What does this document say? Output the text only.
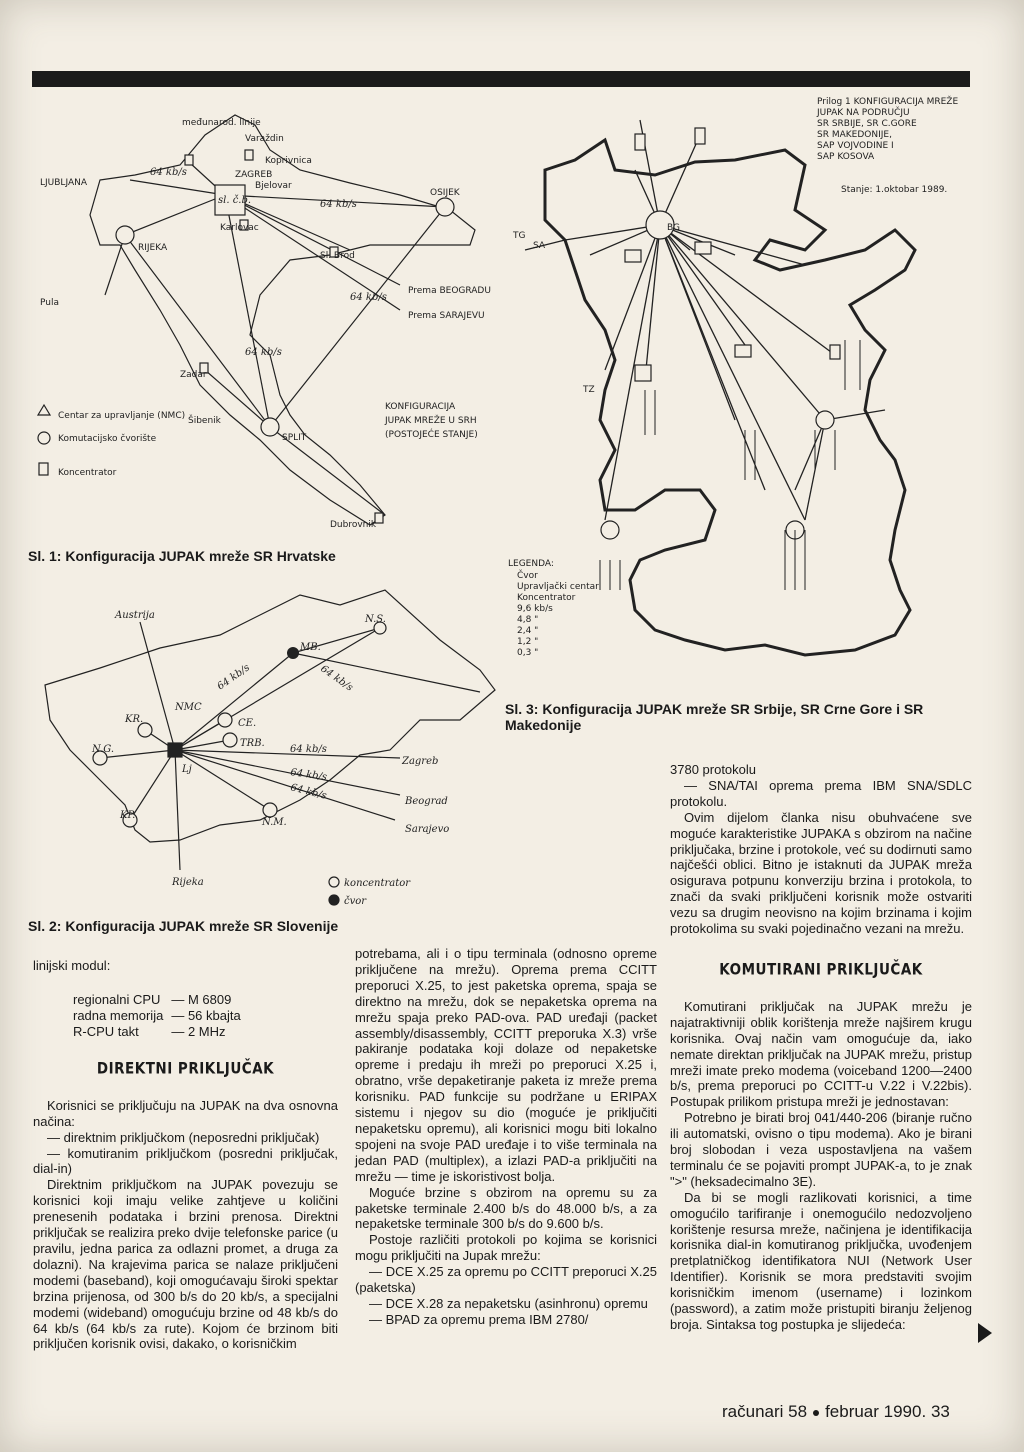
međunarod. linije
Varaždin
Koprivnica
LJUBLJANA
ZAGREB
Bjelovar
Karlovac
OSIJEK
RIJEKA
Sl. Brod
Prema BEOGRADU
Prema SARAJEVU
Pula
Zadar
Šibenik
SPLIT
Dubrovnik
sl. č.b.	64 kb/s
64 kb/s
64 kb/s
64 kb/s
Centar za upravljanje (NMC)
Komutacijsko čvorište
Koncentrator
KONFIGURACIJA
JUPAK MREŽE U SRH
(POSTOJEĆE STANJE)
Sl. 1: Konfiguracija JUPAK mreže SR Hrvatske
Austrija	N.S.
MB.
KR.
NMC
CE.
TRB.
N.G.
Lj
Zagreb
Beograd
Sarajevo
N.M.
KP.
Rijeka	koncentrator
čvor
64 kb/s	64 kb/s
64 kb/s
64 kb/s
64 kb/s
Sl. 2: Konfiguracija JUPAK mreže SR Slovenije
Prilog 1 KONFIGURACIJA MREŽE
JUPAK NA PODRUČJU
SR SRBIJE, SR C.GORE
SR MAKEDONIJE,
SAP VOJVODINE I
SAP KOSOVA
Stanje: 1.oktobar 1989.
TG
SA
TZ
BG
LEGENDA:
Čvor
Upravljački centar
Koncentrator
9,6 kb/s
4,8 "
2,4 "
1,2 "
0,3 "
Sl. 3: Konfiguracija JUPAK mreže SR Srbije, SR Crne Gore i SR Makedonije

linijski modul:

regionalni CPU	— M 6809
radna memorija	— 56 kbajta
R-CPU takt	— 2 MHz
DIREKTNI PRIKLJUČAK

Korisnici se priključuju na JUPAK na dva osnovna načina:

— direktnim priključkom (neposredni priključak)

— komutiranim priključkom (posredni priključak, dial-in)

Direktnim priključkom na JUPAK povezuju se korisnici koji imaju velike zahtjeve u količini prenesenih podataka i brzini prenosa. Direktni priključak se realizira preko dvije telefonske parice (u pravilu, jedna parica za odlazni promet, a druga za dolazni). Na krajevima parica se nalaze priključeni modemi (baseband), koji omogućavaju široki spektar brzina prijenosa, od 300 b/s do 20 kb/s, a specijalni modemi (wideband) omogućuju brzine od 48 kb/s do 64 kb/s (64 kb/s za rute). Kojom će brzinom biti priključen korisnik ovisi, dakako, o korisničkim

potrebama, ali i o tipu terminala (odnosno opreme priključene na mrežu). Oprema prema CCITT preporuci X.25, to jest paketska oprema, spaja se direktno na mrežu, dok se nepaketska oprema na mrežu spaja preko PAD-ova. PAD uređaji (packet assembly/disassembly, CCITT preporuka X.3) vrše pakiranje podataka koji dolaze od nepaketske opreme i predaju ih mreži po preporuci X.25 i, obratno, vrše depaketiranje paketa iz mreže prema korisniku. PAD funkcije su podržane u ERIPAX sistemu i njegov su dio (moguće je priključiti nepaketsku opremu), ali korisnici mogu biti lokalno spojeni na svoje PAD uređaje i to više terminala na jedan PAD (multiplex), a izlazi PAD-a priključiti na mrežu — time je iskoristivost bolja.

Moguće brzine s obzirom na opremu su za paketske terminale 2.400 b/s do 48.000 b/s, a za nepaketske terminale 300 b/s do 9.600 b/s.

Postoje različiti protokoli po kojima se korisnici mogu priključiti na Jupak mrežu:

— DCE X.25 za opremu po CCITT preporuci X.25 (paketska)

— DCE X.28 za nepaketsku (asinhronu) opremu

— BPAD za opremu prema IBM 2780/

3780 protokolu

— SNA/TAI oprema prema IBM SNA/SDLC protokolu.

Ovim dijelom članka nisu obuhvaćene sve moguće karakteristike JUPAKA s obzirom na načine priključaka, brzine i protokole, već su dodirnuti samo najčešći oblici. Bitno je istaknuti da JUPAK mreža osigurava potpunu konverziju brzina i protokola, to znači da svaki priključeni korisnik može ostvariti vezu sa drugim neovisno na kojim brzinama i kojim protokolima su svaki pojedinačno vezani na mrežu.

KOMUTIRANI PRIKLJUČAK

Komutirani priključak na JUPAK mrežu je najatraktivniji oblik korištenja mreže najširem krugu korisnika. Ovaj način vam omogućuje da, iako nemate direktan priključak na JUPAK mrežu, pristup mreži imate preko modema (voiceband 1200—2400 b/s, prema preporuci po CCITT-u V.22 i V.22bis). Postupak prilikom pristupa mreži je jednostavan:

Potrebno je birati broj 041/440-206 (biranje ručno ili automatski, ovisno o tipu modema). Ako je birani broj slobodan i veza uspostavljena na vašem terminalu će se pojaviti prompt JUPAK-a, to je znak ">" (heksadecimalno 3E).

Da bi se mogli razlikovati korisnici, a time omogućilo tarifiranje i onemogućilo nedozvoljeno korištenje resursa mreže, načinjena je identifikacija korisnika dial-in komutiranog priključka, uvođenjem pretplatničkog identifikatora NUI (Network User Identifier). Korisnik se mora predstaviti svojim korisničkim imenom (username) i lozinkom (password), a zatim može pristupiti biranju željenog broja. Sintaksa tog postupka je slijedeća:

računari 58 februar 1990. 33
